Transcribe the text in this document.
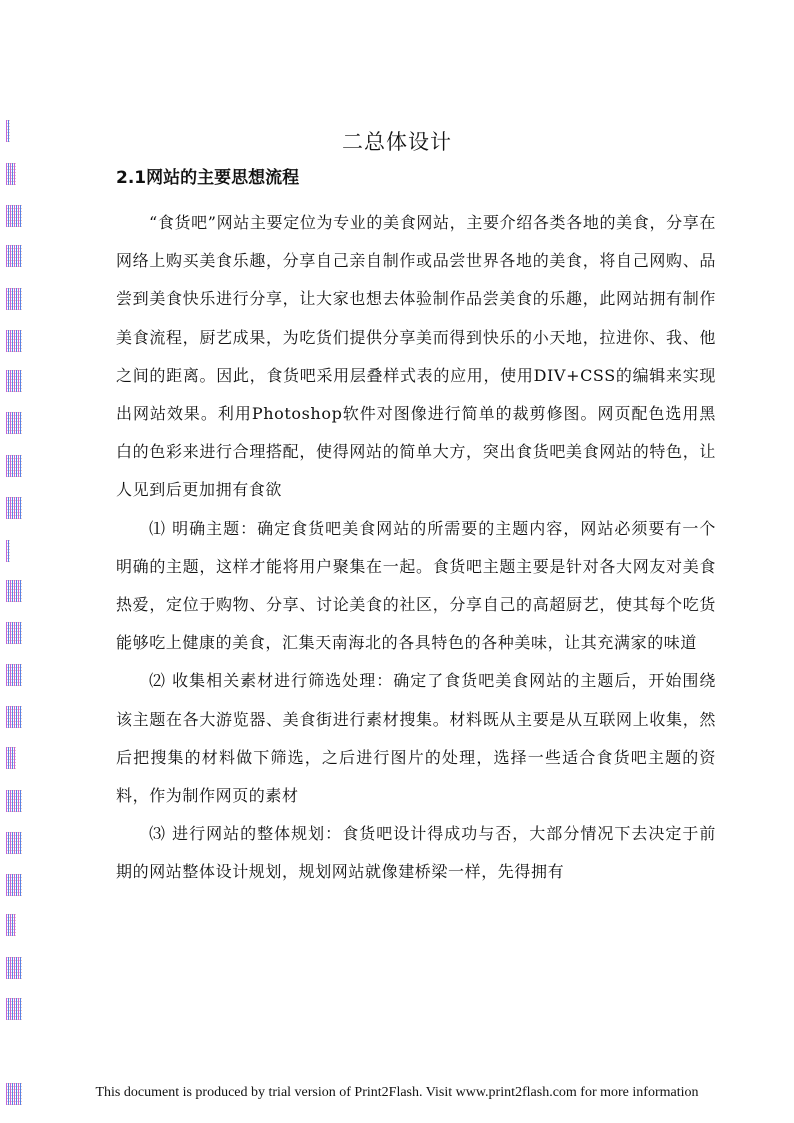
二总体设计
2.1网站的主要思想流程

“食货吧”网站主要定位为专业的美食网站，主要介绍各类各地的美食，分享在网络上购买美食乐趣，分享自己亲自制作或品尝世界各地的美食，将自己网购、品尝到美食快乐进行分享，让大家也想去体验制作品尝美食的乐趣，此网站拥有制作美食流程，厨艺成果，为吃货们提供分享美而得到快乐的小天地，拉进你、我、他之间的距离。因此，食货吧采用层叠样式表的应用，使用DIV+CSS的编辑来实现出网站效果。利用Photoshop软件对图像进行简单的裁剪修图。网页配色选用黑白的色彩来进行合理搭配，使得网站的简单大方，突出食货吧美食网站的特色，让人见到后更加拥有食欲

⑴ 明确主题：确定食货吧美食网站的所需要的主题内容，网站必须要有一个明确的主题，这样才能将用户聚集在一起。食货吧主题主要是针对各大网友对美食热爱，定位于购物、分享、讨论美食的社区，分享自己的高超厨艺，使其每个吃货能够吃上健康的美食，汇集天南海北的各具特色的各种美味，让其充满家的味道

⑵ 收集相关素材进行筛选处理：确定了食货吧美食网站的主题后，开始围绕该主题在各大游览器、美食街进行素材搜集。材料既从主要是从互联网上收集，然后把搜集的材料做下筛选，之后进行图片的处理，选择一些适合食货吧主题的资料，作为制作网页的素材

⑶ 进行网站的整体规划：食货吧设计得成功与否，大部分情况下去决定于前期的网站整体设计规划，规划网站就像建桥梁一样，先得拥有

This document is produced by trial version of Print2Flash. Visit www.print2flash.com for more information
